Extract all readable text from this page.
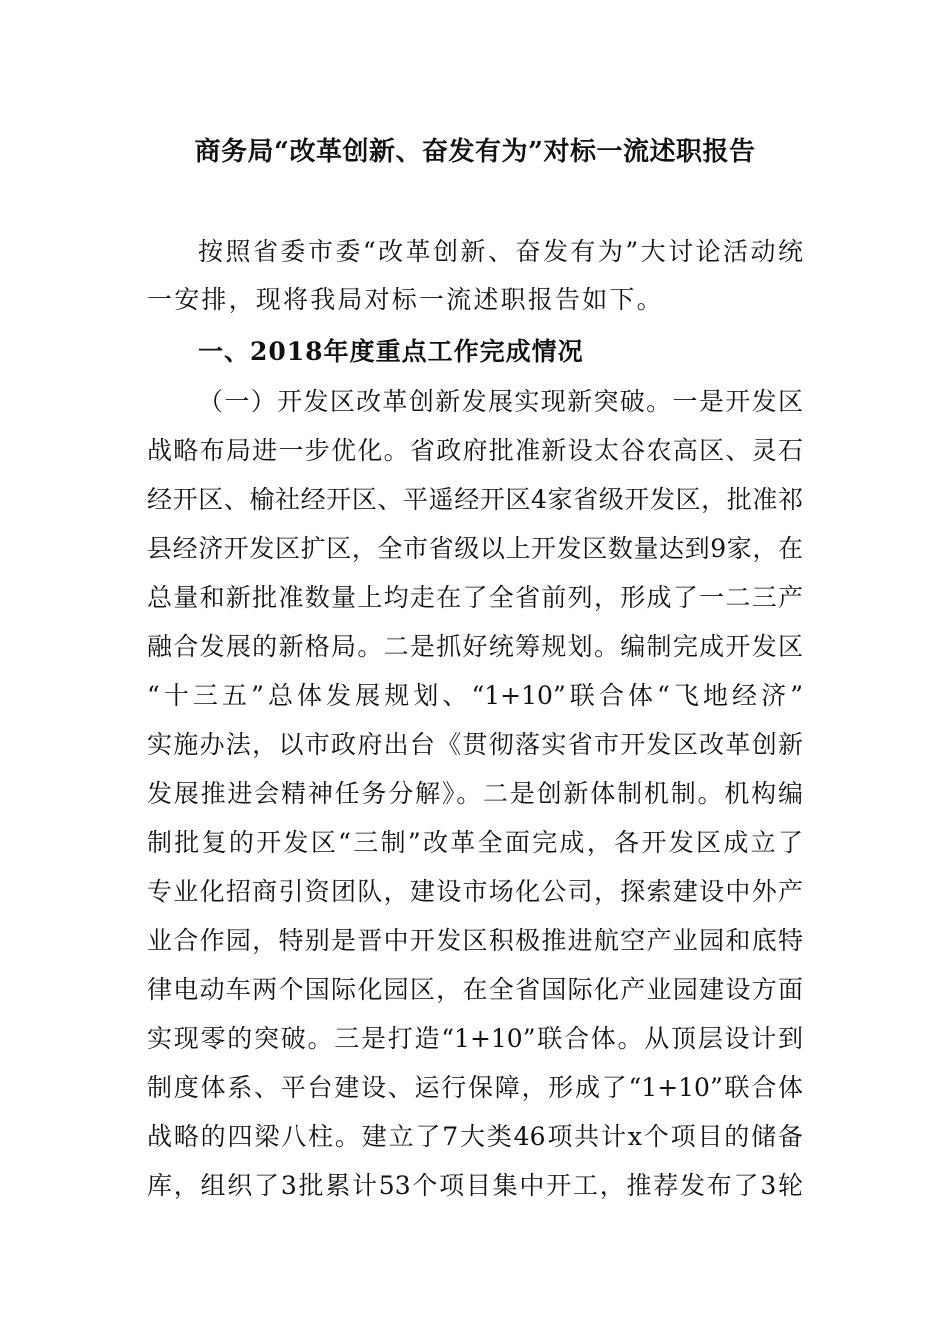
商务局“改革创新、奋发有为”对标一流述职报告
按照省委市委“改革创新、奋发有为”大讨论活动统
一安排，现将我局对标一流述职报告如下。
一、2018年度重点工作完成情况
（一）开发区改革创新发展实现新突破。一是开发区
战略布局进一步优化。省政府批准新设太谷农高区、灵石
经开区、榆社经开区、平遥经开区4家省级开发区，批准祁
县经济开发区扩区，全市省级以上开发区数量达到9家，在
总量和新批准数量上均走在了全省前列，形成了一二三产
融合发展的新格局。二是抓好统筹规划。编制完成开发区
“十三五”总体发展规划、“1+10”联合体“飞地经济”
实施办法，以市政府出台《贯彻落实省市开发区改革创新
发展推进会精神任务分解》。二是创新体制机制。机构编
制批复的开发区“三制”改革全面完成，各开发区成立了
专业化招商引资团队，建设市场化公司，探索建设中外产
业合作园，特别是晋中开发区积极推进航空产业园和底特
律电动车两个国际化园区，在全省国际化产业园建设方面
实现零的突破。三是打造“1+10”联合体。从顶层设计到
制度体系、平台建设、运行保障，形成了“1+10”联合体
战略的四梁八柱。建立了7大类46项共计x个项目的储备
库，组织了3批累计53个项目集中开工，推荐发布了3轮
